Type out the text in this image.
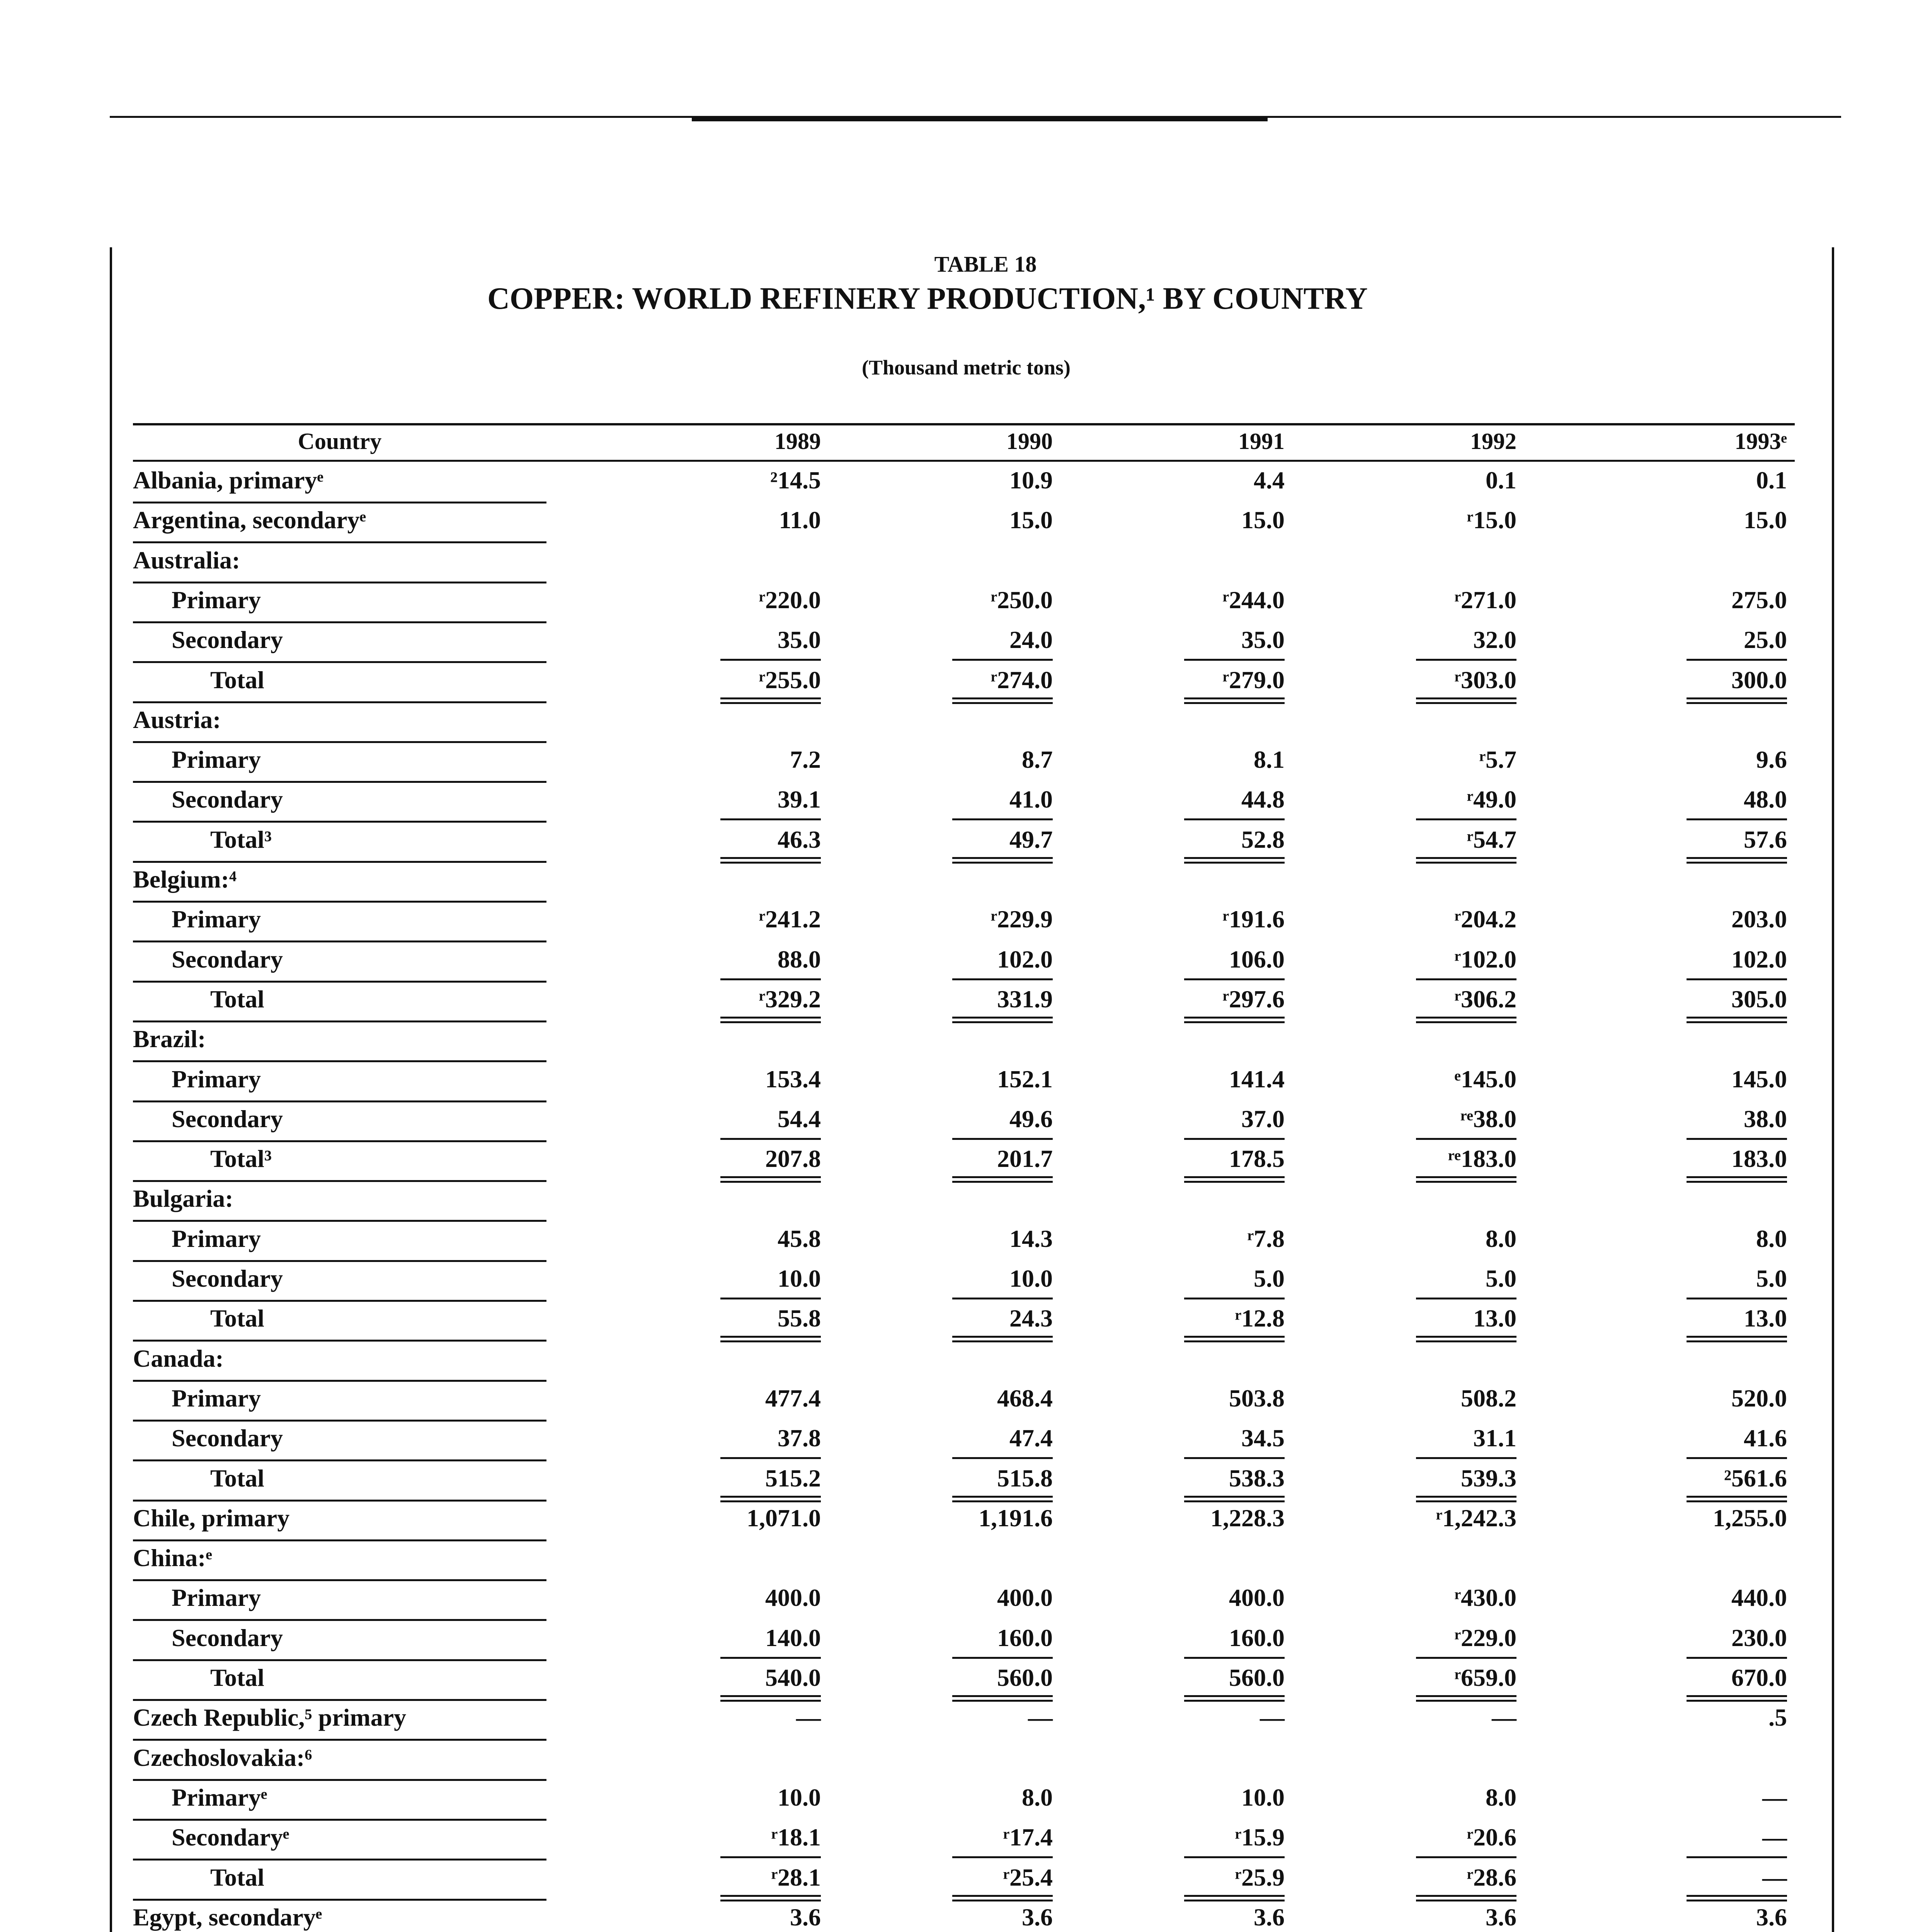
TABLE 18
COPPER: WORLD REFINERY PRODUCTION,¹ BY COUNTRY
(Thousand metric tons)
Country	1989	1990	1991	1992	1993ᵉ
Albania, primaryᵉ	²14.5	10.9	4.4	0.1	0.1
Argentina, secondaryᵉ	11.0	15.0	15.0	ʳ15.0	15.0
Australia:
Primary	ʳ220.0	ʳ250.0	ʳ244.0	ʳ271.0	275.0
Secondary	35.0	24.0	35.0	32.0	25.0
Total	ʳ255.0	ʳ274.0	ʳ279.0	ʳ303.0	300.0
Austria:
Primary	7.2	8.7	8.1	ʳ5.7	9.6
Secondary	39.1	41.0	44.8	ʳ49.0	48.0
Total³	46.3	49.7	52.8	ʳ54.7	57.6
Belgium:⁴
Primary	ʳ241.2	ʳ229.9	ʳ191.6	ʳ204.2	203.0
Secondary	88.0	102.0	106.0	ʳ102.0	102.0
Total	ʳ329.2	331.9	ʳ297.6	ʳ306.2	305.0
Brazil:
Primary	153.4	152.1	141.4	ᵉ145.0	145.0
Secondary	54.4	49.6	37.0	ʳᵉ38.0	38.0
Total³	207.8	201.7	178.5	ʳᵉ183.0	183.0
Bulgaria:
Primary	45.8	14.3	ʳ7.8	8.0	8.0
Secondary	10.0	10.0	5.0	5.0	5.0
Total	55.8	24.3	ʳ12.8	13.0	13.0
Canada:
Primary	477.4	468.4	503.8	508.2	520.0
Secondary	37.8	47.4	34.5	31.1	41.6
Total	515.2	515.8	538.3	539.3	²561.6
Chile, primary	1,071.0	1,191.6	1,228.3	ʳ1,242.3	1,255.0
China:ᵉ
Primary	400.0	400.0	400.0	ʳ430.0	440.0
Secondary	140.0	160.0	160.0	ʳ229.0	230.0
Total	540.0	560.0	560.0	ʳ659.0	670.0
Czech Republic,⁵ primary	—	—	—	—	.5
Czechoslovakia:⁶
Primaryᵉ	10.0	8.0	10.0	8.0	—
Secondaryᵉ	ʳ18.1	ʳ17.4	ʳ15.9	ʳ20.6	—
Total	ʳ28.1	ʳ25.4	ʳ25.9	ʳ28.6	—
Egypt, secondaryᵉ	3.6	3.6	3.6	3.6	3.6
